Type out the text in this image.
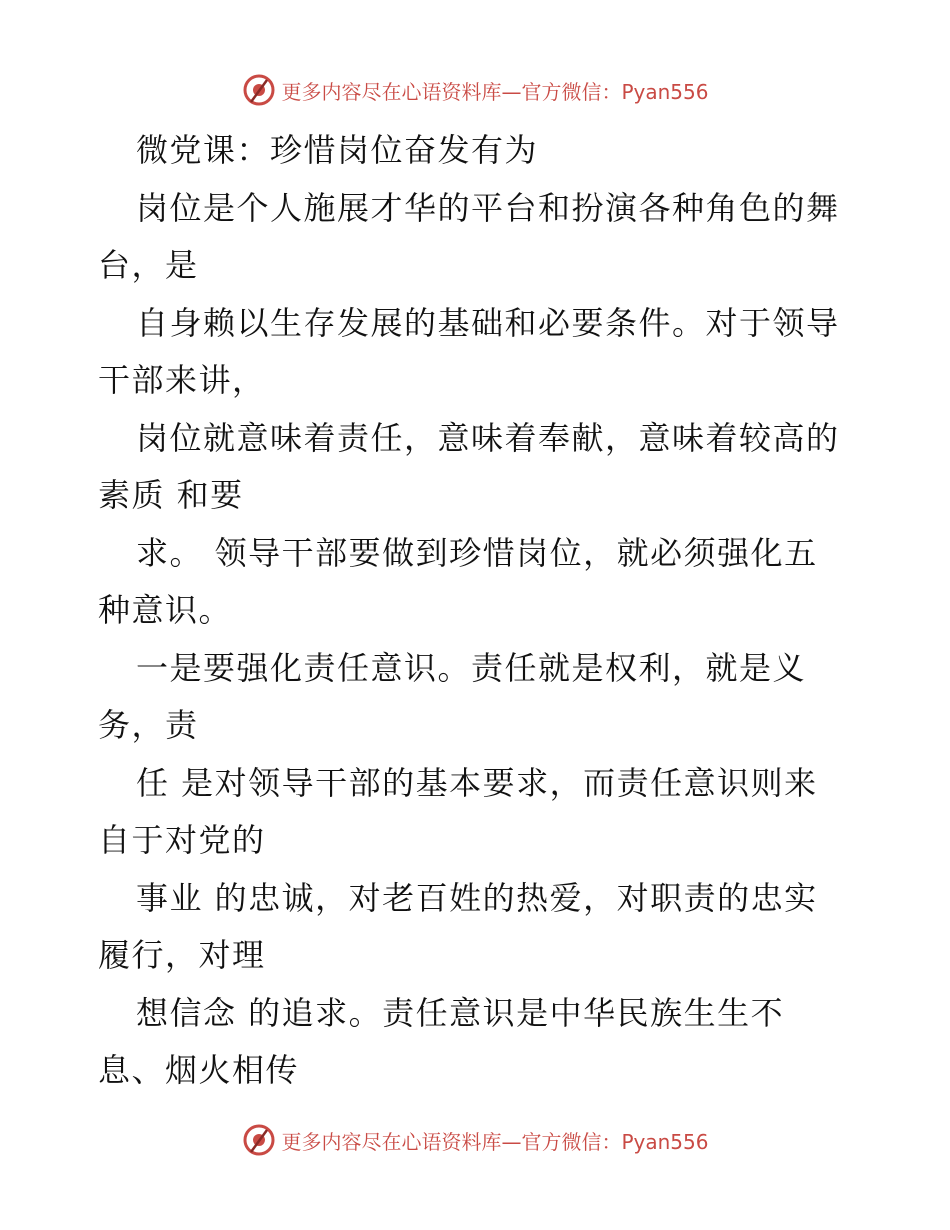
更多内容尽在心语资料库—官方微信：Pyan556
微党课：珍惜岗位奋发有为
岗位是个人施展才华的平台和扮演各种角色的舞
台，是
自身赖以生存发展的基础和必要条件。对于领导
干部来讲，
岗位就意味着责任，意味着奉献，意味着较高的
素质 和要
求。 领导干部要做到珍惜岗位，就必须强化五
种意识。
一是要强化责任意识。责任就是权利，就是义
务，责
任 是对领导干部的基本要求，而责任意识则来
自于对党的
事业 的忠诚，对老百姓的热爱，对职责的忠实
履行，对理
想信念 的追求。责任意识是中华民族生生不
息、烟火相传
更多内容尽在心语资料库—官方微信：Pyan556
